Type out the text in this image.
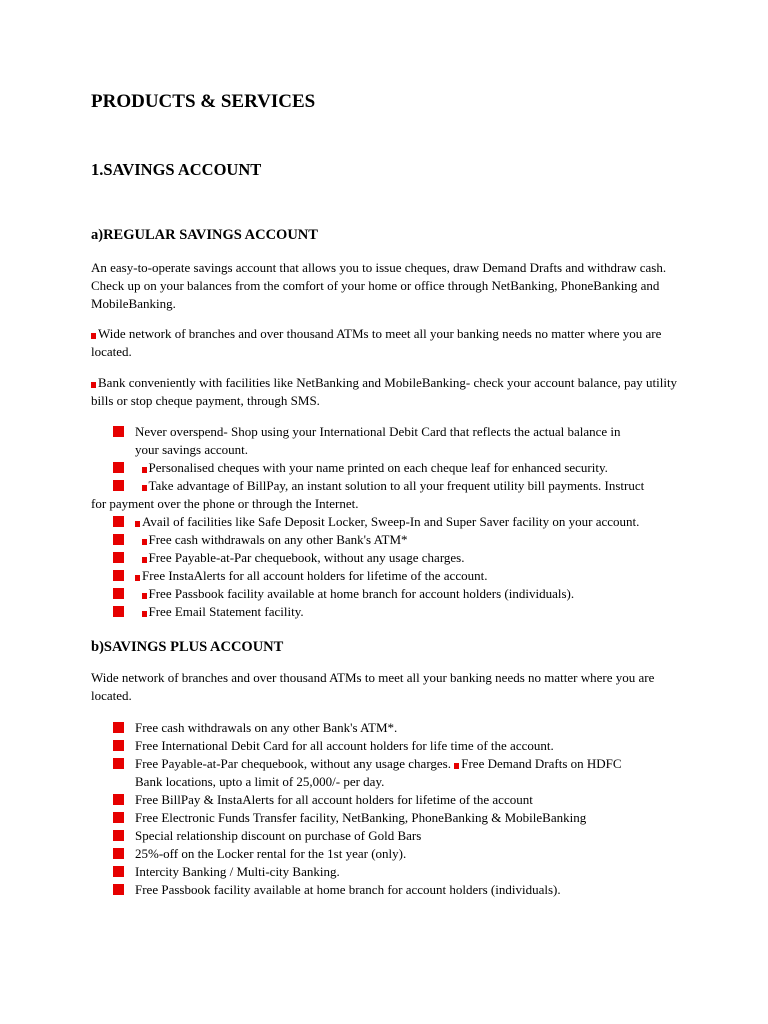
PRODUCTS & SERVICES
1.SAVINGS ACCOUNT
a)REGULAR SAVINGS ACCOUNT

An easy-to-operate savings account that allows you to issue cheques, draw Demand Drafts and withdraw cash. Check up on your balances from the comfort of your home or office through NetBanking, PhoneBanking and MobileBanking.

Wide network of branches and over thousand ATMs to meet all your banking needs no matter where you are located.

Bank conveniently with facilities like NetBanking and MobileBanking- check your account balance, pay utility bills or stop cheque payment, through SMS.

Never overspend- Shop using your International Debit Card that reflects the actual balance in
your savings account.
Personalised cheques with your name printed on each cheque leaf for enhanced security.
Take advantage of BillPay, an instant solution to all your frequent utility bill payments. Instruct
for payment over the phone or through the Internet.
Avail of facilities like Safe Deposit Locker, Sweep-In and Super Saver facility on your account.
Free cash withdrawals on any other Bank's ATM*
Free Payable-at-Par chequebook, without any usage charges.
Free InstaAlerts for all account holders for lifetime of the account.
Free Passbook facility available at home branch for account holders (individuals).
Free Email Statement facility.
b)SAVINGS PLUS ACCOUNT

Wide network of branches and over thousand ATMs to meet all your banking needs no matter where you are located.

Free cash withdrawals on any other Bank's ATM*.
Free International Debit Card for all account holders for life time of the account.
Free Payable-at-Par chequebook, without any usage charges. Free Demand Drafts on HDFC
Bank locations, upto a limit of 25,000/- per day.
Free BillPay & InstaAlerts for all account holders for lifetime of the account
Free Electronic Funds Transfer facility, NetBanking, PhoneBanking & MobileBanking
Special relationship discount on purchase of Gold Bars
25%-off on the Locker rental for the 1st year (only).
Intercity Banking / Multi-city Banking.
Free Passbook facility available at home branch for account holders (individuals).
